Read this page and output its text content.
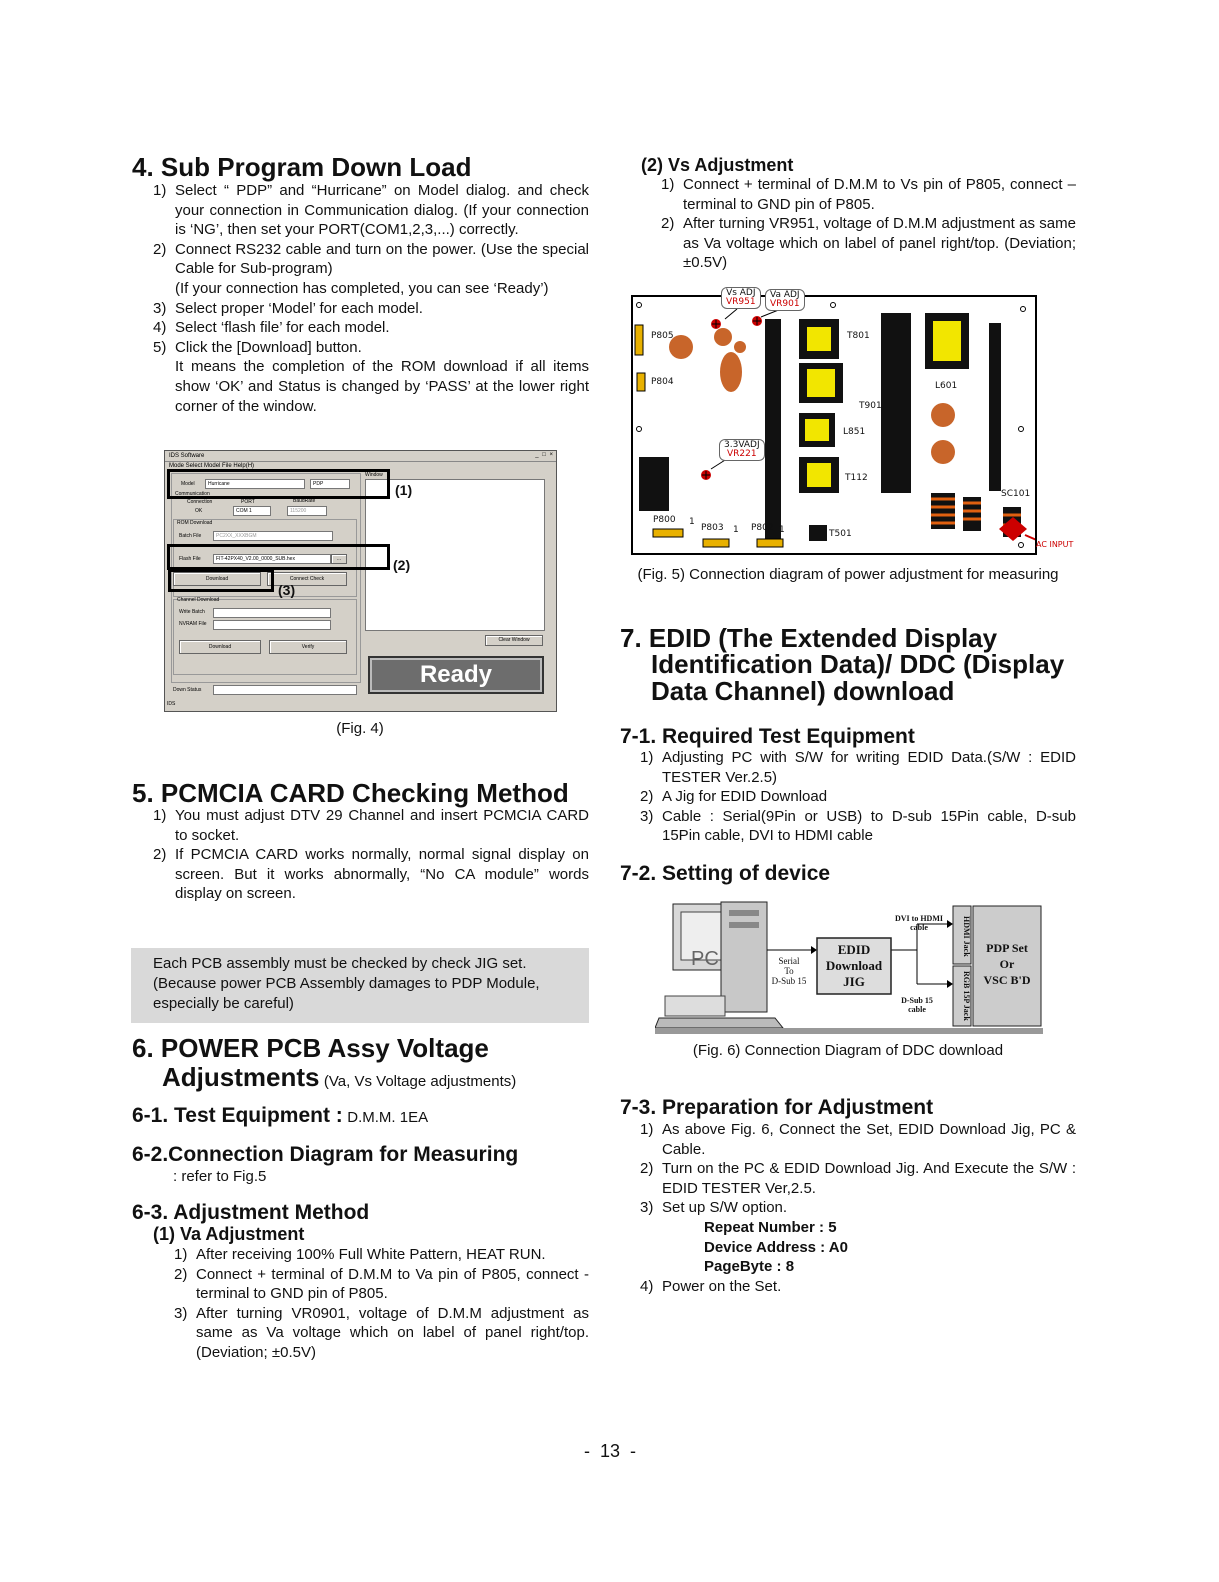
4. Sub Program Down Load
1) Select “ PDP” and “Hurricane” on Model dialog. and check your connection in Communication dialog. (If your connection is ‘NG’, then set your PORT(COM1,2,3,...) correctly.
2) Connect RS232 cable and turn on the power. (Use the special Cable for Sub-program)
(If your connection has completed, you can see ‘Ready’)
3) Select proper ‘Model’ for each model.
4) Select ‘flash file’ for each model.
5) Click the [Download] button.
It means the completion of the ROM download if all items show ‘OK’ and Status is changed by ‘PASS’ at the lower right corner of the window.
IDS Software	_ □ ×
Mode Select Model File Help(H)
Model	Hurricane	PDP
Communication
Connection
OK
PORT
COM 1
BaudRate
115200
ROM Download
Batch File	PC2XX_XXXBGM
Flash File	FIT-42PX40_V2.00_0000_SUB.hex	...
Download	Connect Check
Channel Download
Write Batch
NVRAM File
Download	Verify
Down Status
Window
Clear Window
Ready
IDS
(1)
(2)
(3)
(Fig. 4)
5. PCMCIA CARD Checking Method
1) You must adjust DTV 29 Channel and insert PCMCIA CARD to socket.
2) If PCMCIA CARD works normally, normal signal display on screen. But it works abnormally, “No CA module” words display on screen.
Each PCB assembly must be checked by check JIG set.
(Because power PCB Assembly damages to PDP Module, especially be careful)
6. POWER PCB Assy Voltage
Adjustments (Va, Vs Voltage adjustments)
6-1. Test Equipment : D.M.M. 1EA
6-2.Connection Diagram for Measuring
: refer to Fig.5
6-3. Adjustment Method
(1) Va Adjustment
1) After receiving 100% Full White Pattern, HEAT RUN.
2) Connect + terminal of D.M.M to Va pin of P805, connect - terminal to GND pin of P805.
3) After turning VR0901, voltage of D.M.M adjustment as same as Va voltage which on label of panel right/top. (Deviation; ±0.5V)
(2) Vs Adjustment
1) Connect + terminal of D.M.M to Vs pin of P805, connect – terminal to GND pin of P805.
2) After turning VR951, voltage of D.M.M adjustment as same as Va voltage which on label of panel right/top. (Deviation; ±0.5V)
Vs ADJ
VR951
Va ADJ
VR901
3.3VADJ
VR221
P805
P804
T801
T901
L601
L851
T112
P800
P803	P802
1
1	1	T501
SC101
AC INPUT
(Fig. 5) Connection diagram of power adjustment for measuring
7. EDID (The Extended Display
Identification Data)/ DDC (Display
Data Channel) download
7-1. Required Test Equipment
1) Adjusting PC with S/W for writing EDID Data.(S/W : EDID TESTER Ver.2.5)
2) A Jig for EDID Download
3) Cable : Serial(9Pin or USB) to D-sub 15Pin cable, D-sub 15Pin cable, DVI to HDMI cable
7-2. Setting of device
PC	Serial
To
D-Sub 15
EDID
Download
JIG
DVI to HDMI
cable
D-Sub 15
cable
HDMI Jack
RGB 15P Jack
PDP Set
Or
VSC B'D
(Fig. 6) Connection Diagram of DDC download
7-3. Preparation for Adjustment
1) As above Fig. 6, Connect the Set, EDID Download Jig, PC & Cable.
2) Turn on the PC & EDID Download Jig. And Execute the S/W : EDID TESTER Ver,2.5.
3) Set up S/W option.
Repeat Number : 5
Device Address : A0
PageByte : 8
4) Power on the Set.
-  13  -
